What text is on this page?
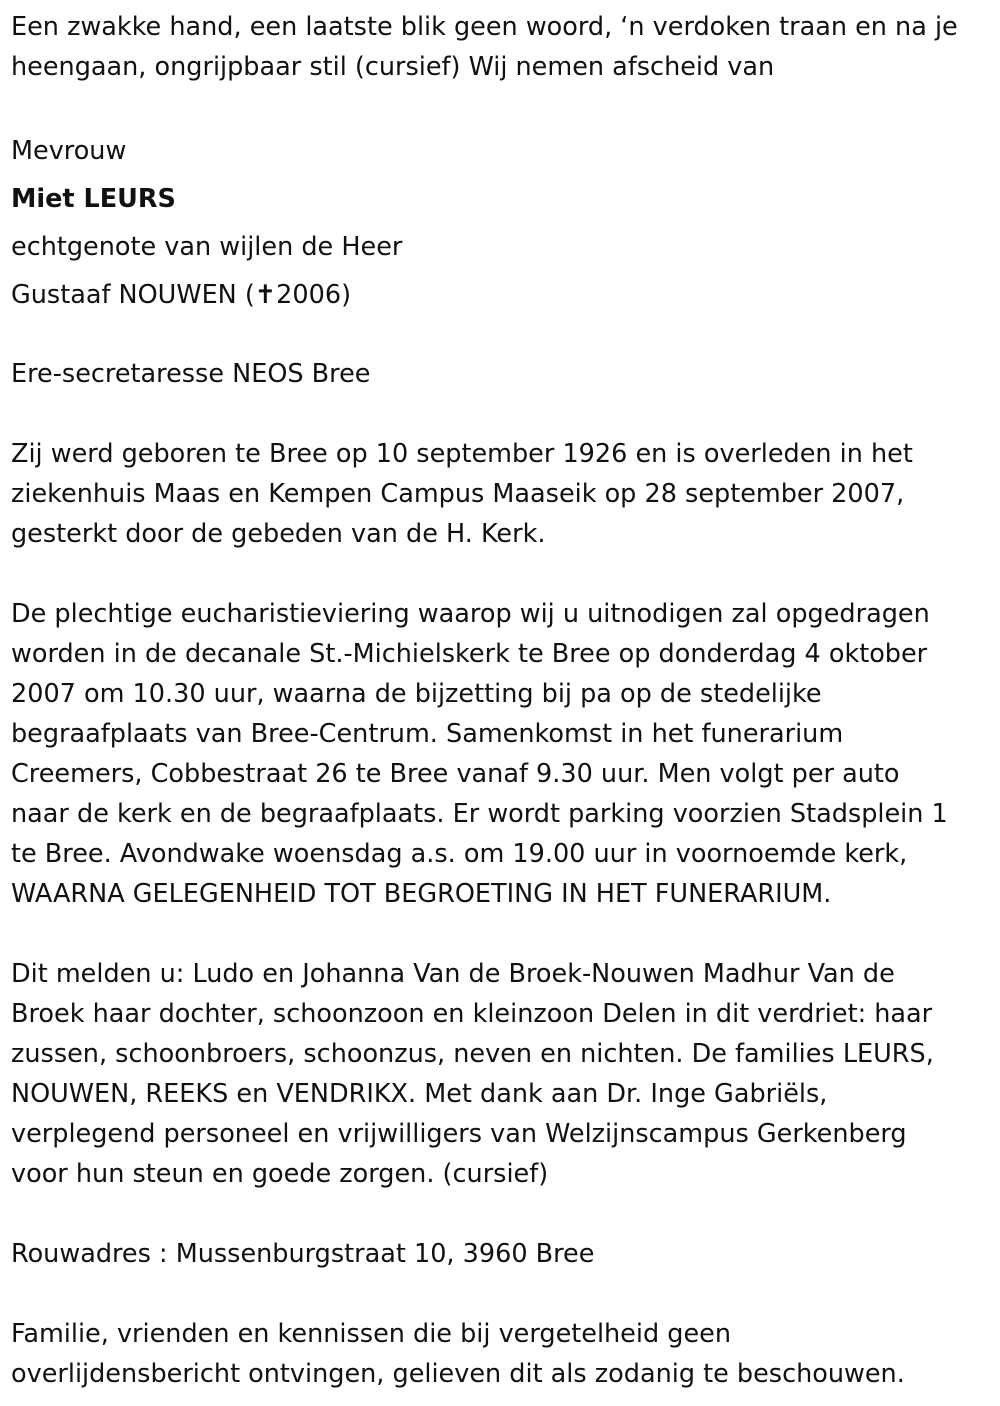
Een zwakke hand, een laatste blik geen woord, ‘n verdoken traan en na je

heengaan, ongrijpbaar stil (cursief) Wij nemen afscheid van

Mevrouw

Miet LEURS

echtgenote van wijlen de Heer

Gustaaf NOUWEN (✝2006)

Ere-secretaresse NEOS Bree

Zij werd geboren te Bree op 10 september 1926 en is overleden in het

ziekenhuis Maas en Kempen Campus Maaseik op 28 september 2007,

gesterkt door de gebeden van de H. Kerk.

De plechtige eucharistieviering waarop wij u uitnodigen zal opgedragen

worden in de decanale St.-Michielskerk te Bree op donderdag 4 oktober

2007 om 10.30 uur, waarna de bijzetting bij pa op de stedelijke

begraafplaats van Bree-Centrum. Samenkomst in het funerarium

Creemers, Cobbestraat 26 te Bree vanaf 9.30 uur. Men volgt per auto

naar de kerk en de begraafplaats. Er wordt parking voorzien Stadsplein 1

te Bree. Avondwake woensdag a.s. om 19.00 uur in voornoemde kerk,

WAARNA GELEGENHEID TOT BEGROETING IN HET FUNERARIUM.

Dit melden u: Ludo en Johanna Van de Broek-Nouwen Madhur Van de

Broek haar dochter, schoonzoon en kleinzoon Delen in dit verdriet: haar

zussen, schoonbroers, schoonzus, neven en nichten. De families LEURS,

NOUWEN, REEKS en VENDRIKX. Met dank aan Dr. Inge Gabriëls,

verplegend personeel en vrijwilligers van Welzijnscampus Gerkenberg

voor hun steun en goede zorgen. (cursief)

Rouwadres : Mussenburgstraat 10, 3960 Bree

Familie, vrienden en kennissen die bij vergetelheid geen

overlijdensbericht ontvingen, gelieven dit als zodanig te beschouwen.
